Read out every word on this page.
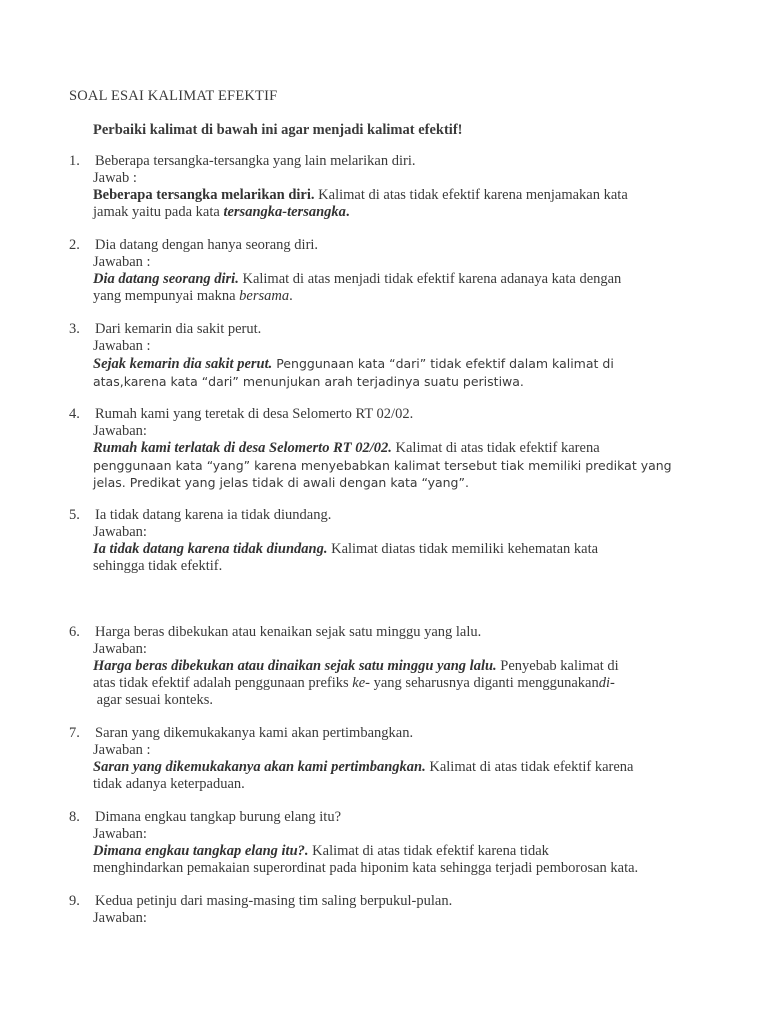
SOAL ESAI KALIMAT EFEKTIF
Perbaiki kalimat di bawah ini agar menjadi kalimat efektif!
1. Beberapa tersangka-tersangka yang lain melarikan diri.
Jawab :
Beberapa tersangka melarikan diri. Kalimat di atas tidak efektif karena menjamakan kata
jamak yaitu pada kata tersangka-tersangka.
2. Dia datang dengan hanya seorang diri.
Jawaban :
Dia datang seorang diri. Kalimat di atas menjadi tidak efektif karena adanaya kata dengan
yang mempunyai makna bersama.
3. Dari kemarin dia sakit perut.
Jawaban :
Sejak kemarin dia sakit perut. Penggunaan kata “dari” tidak efektif dalam kalimat di
atas,karena kata “dari” menunjukan arah terjadinya suatu peristiwa.
4. Rumah kami yang teretak di desa Selomerto RT 02/02.
Jawaban:
Rumah kami terlatak di desa Selomerto RT 02/02. Kalimat di atas tidak efektif karena
penggunaan kata “yang” karena menyebabkan kalimat tersebut tiak memiliki predikat yang
jelas. Predikat yang jelas tidak di awali dengan kata “yang”.
5. Ia tidak datang karena ia tidak diundang.
Jawaban:
Ia tidak datang karena tidak diundang. Kalimat diatas tidak memiliki kehematan kata
sehingga tidak efektif.
6. Harga beras dibekukan atau kenaikan sejak satu minggu yang lalu.
Jawaban:
Harga beras dibekukan atau dinaikan sejak satu minggu yang lalu. Penyebab kalimat di
atas tidak efektif adalah penggunaan prefiks ke- yang seharusnya diganti menggunakandi-
agar sesuai konteks.
7. Saran yang dikemukakanya kami akan pertimbangkan.
Jawaban :
Saran yang dikemukakanya akan kami pertimbangkan. Kalimat di atas tidak efektif karena
tidak adanya keterpaduan.
8. Dimana engkau tangkap burung elang itu?
Jawaban:
Dimana engkau tangkap elang itu?. Kalimat di atas tidak efektif karena tidak
menghindarkan pemakaian superordinat pada hiponim kata sehingga terjadi pemborosan kata.
9. Kedua petinju dari masing-masing tim saling berpukul-pulan.
Jawaban:
